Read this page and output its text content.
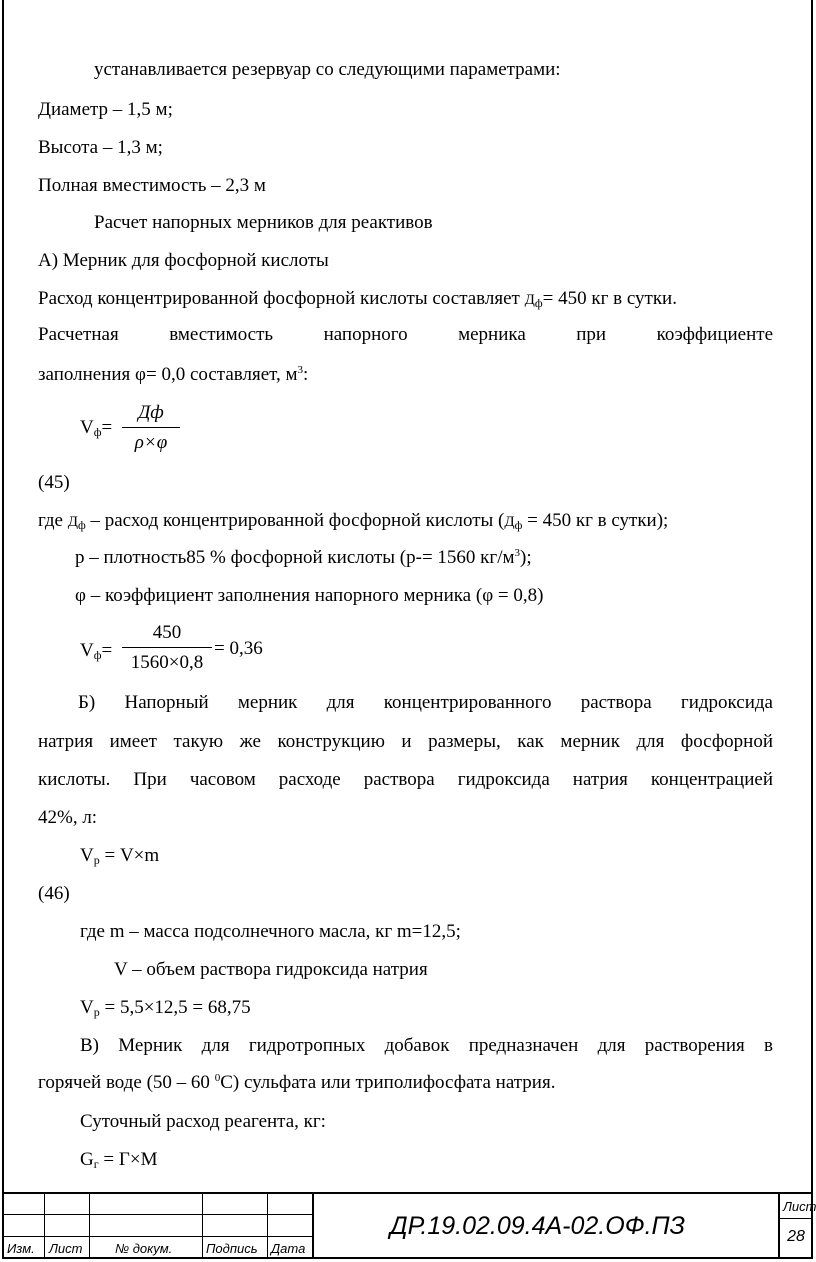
устанавливается резервуар со следующими параметрами:
Диаметр – 1,5 м;
Высота – 1,3 м;
Полная вместимость – 2,3 м
Расчет напорных мерников для реактивов
А) Мерник для фосфорной кислоты
Расход концентрированной фосфорной кислоты составляет $Д_ф= 450$ кг в сутки.
Расчетная вместимость напорного мерника при коэффициенте
заполнения φ= 0,0 составляет, $м^3$:
$V_ф=$
Дф
ρ×φ
(45)
где $Д_ф$ – расход концентрированной фосфорной кислоты ($Д_ф = 450$ кг в сутки);
р – плотность85 % фосфорной кислоты (р-= 1560 $кг/м^3$);
φ – коэффициент заполнения напорного мерника (φ = 0,8)
$V_ф=$
450
1560×0,8
= 0,36
Б) Напорный мерник для концентрированного раствора гидроксида
натрия имеет такую же конструкцию и размеры, как мерник для фосфорной
кислоты. При часовом расходе раствора гидроксида натрия концентрацией
42%, л:
$V_р = V\times m$
(46)
где m – масса подсолнечного масла, кг m=12,5;
V – объем раствора гидроксида натрия
$V_р = 5,5\times 12,5 = 68,75$
В) Мерник для гидротропных добавок предназначен для растворения в
горячей воде (50 – 60 $^0$С) сульфата или триполифосфата натрия.
Суточный расход реагента, кг:
$G_г = Г\times М$
Изм. Лист	№ докум.	Подпись Дата
ДР.19.02.09.4А-02.ОФ.ПЗ
Лист
28
